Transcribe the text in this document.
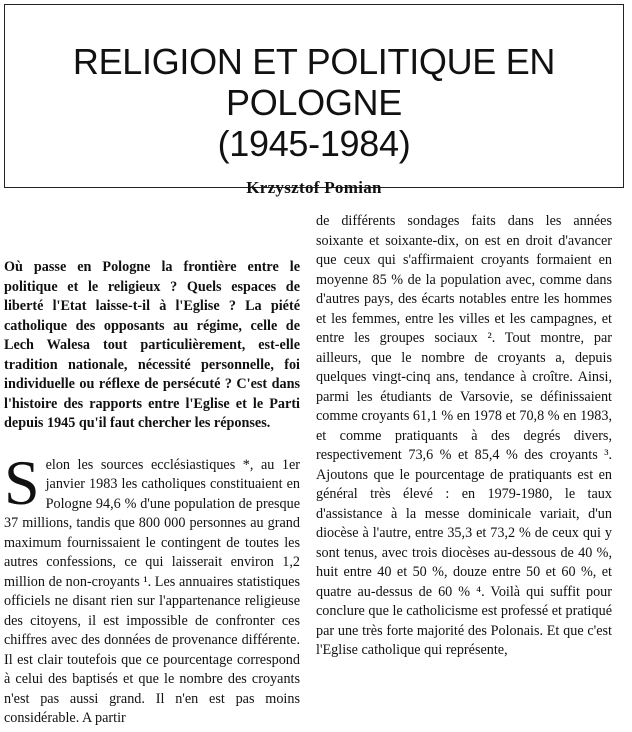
RELIGION ET POLITIQUE EN POLOGNE
(1945-1984)
Krzysztof Pomian

Où passe en Pologne la frontière entre le politique et le religieux ? Quels espaces de liberté l'Etat laisse-t-il à l'Eglise ? La piété catholique des opposants au régime, celle de Lech Walesa tout particulièrement, est-elle tradition nationale, nécessité personnelle, foi individuelle ou réflexe de persécuté ? C'est dans l'histoire des rapports entre l'Eglise et le Parti depuis 1945 qu'il faut chercher les réponses.

Selon les sources ecclésiastiques *, au 1er janvier 1983 les catholiques constituaient en Pologne 94,6 % d'une population de presque 37 millions, tandis que 800 000 personnes au grand maximum fournissaient le contingent de toutes les autres confessions, ce qui laisserait environ 1,2 million de non-croyants ¹. Les annuaires statistiques officiels ne disant rien sur l'appartenance religieuse des citoyens, il est impossible de confronter ces chiffres avec des données de provenance différente. Il est clair toutefois que ce pourcentage correspond à celui des baptisés et que le nombre des croyants n'est pas aussi grand. Il n'en est pas moins considérable. A partir

de différents sondages faits dans les années soixante et soixante-dix, on est en droit d'avancer que ceux qui s'affirmaient croyants formaient en moyenne 85 % de la population avec, comme dans d'autres pays, des écarts notables entre les hommes et les femmes, entre les villes et les campagnes, et entre les groupes sociaux ². Tout montre, par ailleurs, que le nombre de croyants a, depuis quelques vingt-cinq ans, tendance à croître. Ainsi, parmi les étudiants de Varsovie, se définissaient comme croyants 61,1 % en 1978 et 70,8 % en 1983, et comme pratiquants à des degrés divers, respectivement 73,6 % et 85,4 % des croyants ³. Ajoutons que le pourcentage de pratiquants est en général très élevé : en 1979-1980, le taux d'assistance à la messe dominicale variait, d'un diocèse à l'autre, entre 35,3 et 73,2 % de ceux qui y sont tenus, avec trois diocèses au-dessous de 40 %, huit entre 40 et 50 %, douze entre 50 et 60 %, et quatre au-dessus de 60 % ⁴. Voilà qui suffit pour conclure que le catholicisme est professé et pratiqué par une très forte majorité des Polonais. Et que c'est l'Eglise catholique qui représente,
